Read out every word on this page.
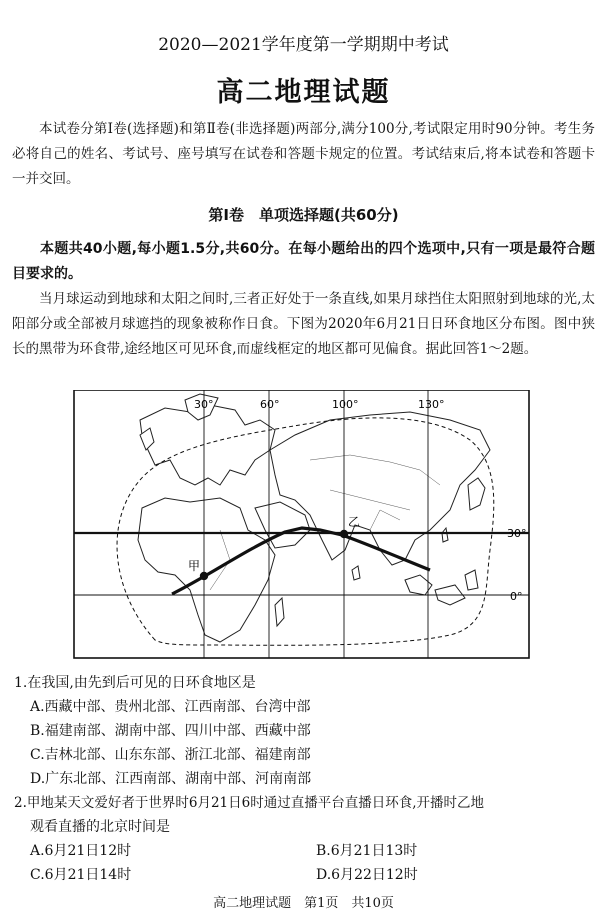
2020—2021学年度第一学期期中考试
高二地理试题
本试卷分第Ⅰ卷(选择题)和第Ⅱ卷(非选择题)两部分,满分100分,考试限定用时90分钟。考生务必将自己的姓名、考试号、座号填写在试卷和答题卡规定的位置。考试结束后,将本试卷和答题卡一并交回。
第Ⅰ卷　单项选择题(共60分)
本题共40小题,每小题1.5分,共60分。在每小题给出的四个选项中,只有一项是最符合题目要求的。
当月球运动到地球和太阳之间时,三者正好处于一条直线,如果月球挡住太阳照射到地球的光,太阳部分或全部被月球遮挡的现象被称作日食。下图为2020年6月21日日环食地区分布图。图中狭长的黑带为环食带,途经地区可见环食,而虚线框定的地区都可见偏食。据此回答1～2题。
甲
乙
30°	60°	100°	130°
30°
0°
1.在我国,由先到后可见的日环食地区是
A.西藏中部、贵州北部、江西南部、台湾中部
B.福建南部、湖南中部、四川中部、西藏中部
C.吉林北部、山东东部、浙江北部、福建南部
D.广东北部、江西南部、湖南中部、河南南部
2.甲地某天文爱好者于世界时6月21日6时通过直播平台直播日环食,开播时乙地
观看直播的北京时间是
A.6月21日12时	B.6月21日13时
C.6月21日14时	D.6月22日12时
高二地理试题　第1页　共10页
